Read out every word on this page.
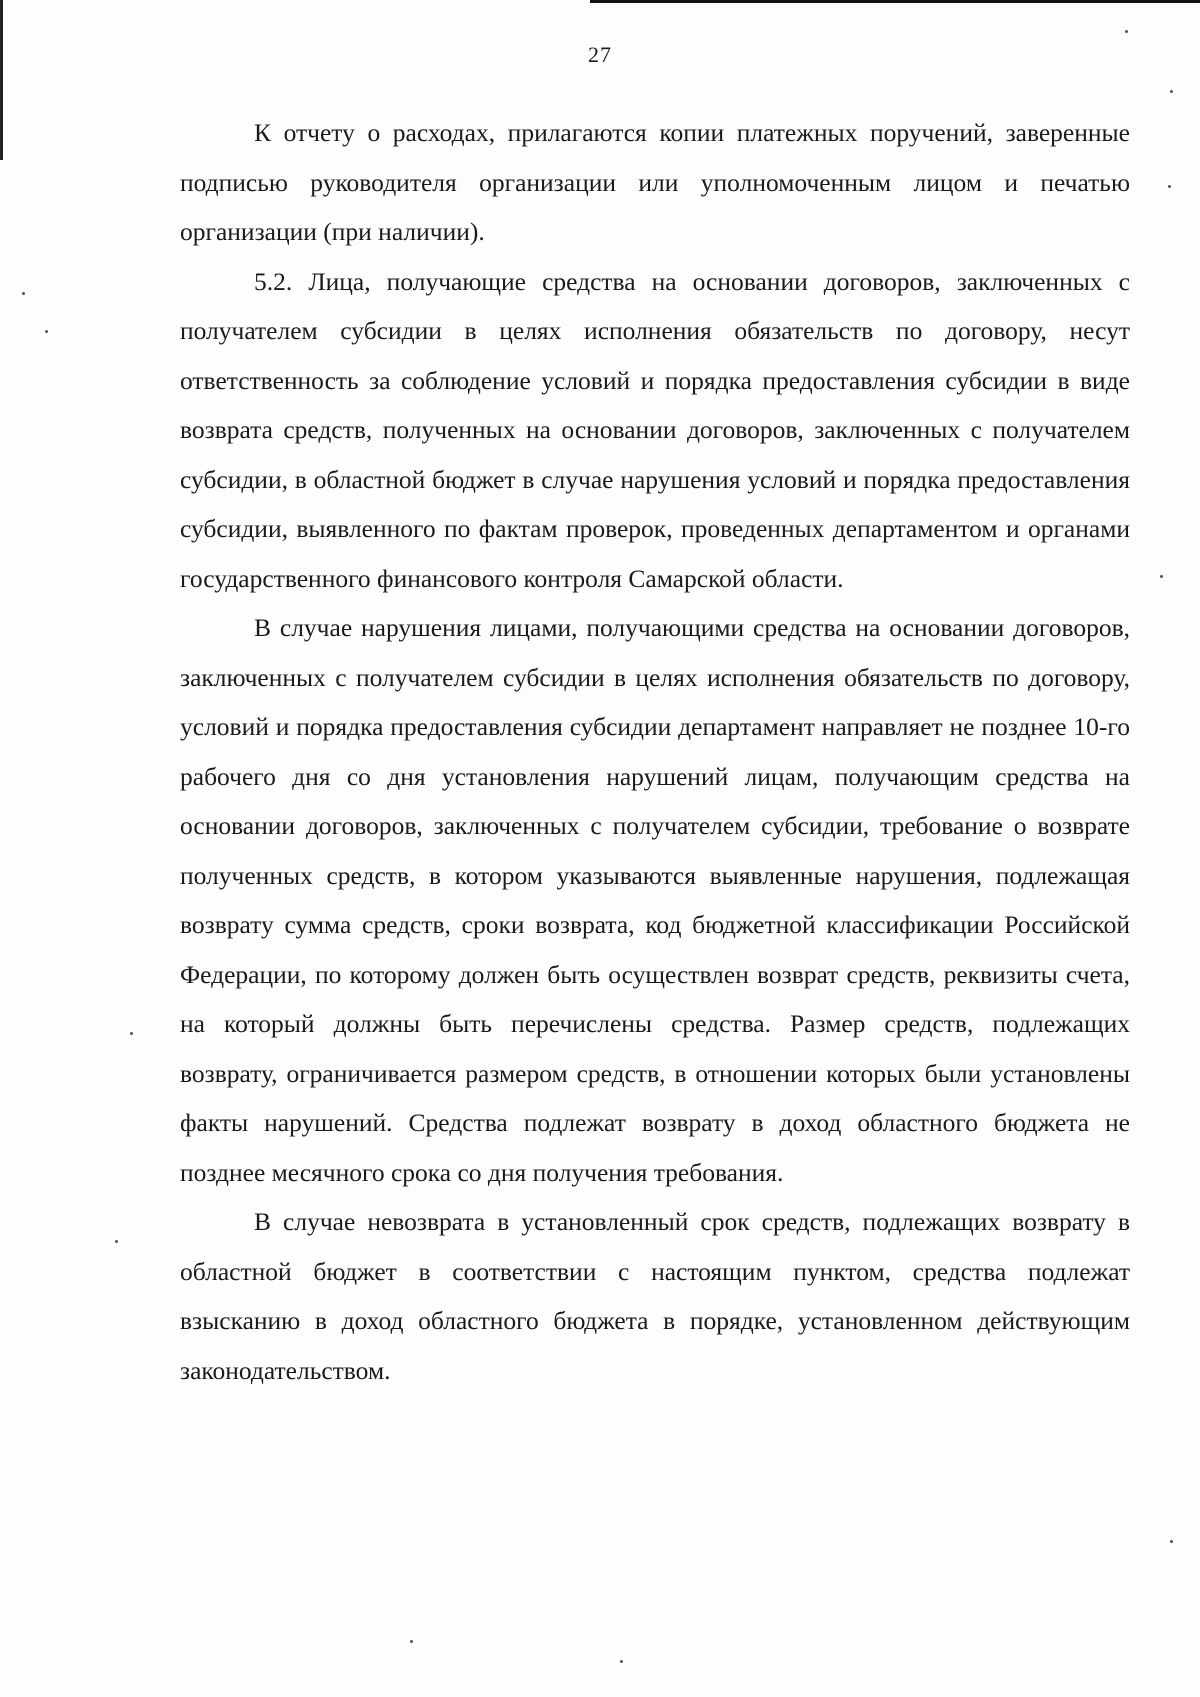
27

К отчету о расходах, прилагаются копии платежных поручений, заверенные подписью руководителя организации или уполномоченным лицом и печатью организации (при наличии).

5.2. Лица, получающие средства на основании договоров, заключенных с получателем субсидии в целях исполнения обязательств по договору, несут ответственность за соблюдение условий и порядка предоставления субсидии в виде возврата средств, полученных на основании договоров, заключенных с получателем субсидии, в областной бюджет в случае нарушения условий и порядка предоставления субсидии, выявленного по фактам проверок, проведенных департаментом и органами государственного финансового контроля Самарской области.

В случае нарушения лицами, получающими средства на основании договоров, заключенных с получателем субсидии в целях исполнения обязательств по договору, условий и порядка предоставления субсидии департамент направляет не позднее 10-го рабочего дня со дня установления нарушений лицам, получающим средства на основании договоров, заключенных с получателем субсидии, требование о возврате полученных средств, в котором указываются выявленные нарушения, подлежащая возврату сумма средств, сроки возврата, код бюджетной классификации Российской Федерации, по которому должен быть осуществлен возврат средств, реквизиты счета, на который должны быть перечислены средства. Размер средств, подлежащих возврату, ограничивается размером средств, в отношении которых были установлены факты нарушений. Средства подлежат возврату в доход областного бюджета не позднее месячного срока со дня получения требования.

В случае невозврата в установленный срок средств, подлежащих возврату в областной бюджет в соответствии с настоящим пунктом, средства подлежат взысканию в доход областного бюджета в порядке, установленном действующим законодательством.
